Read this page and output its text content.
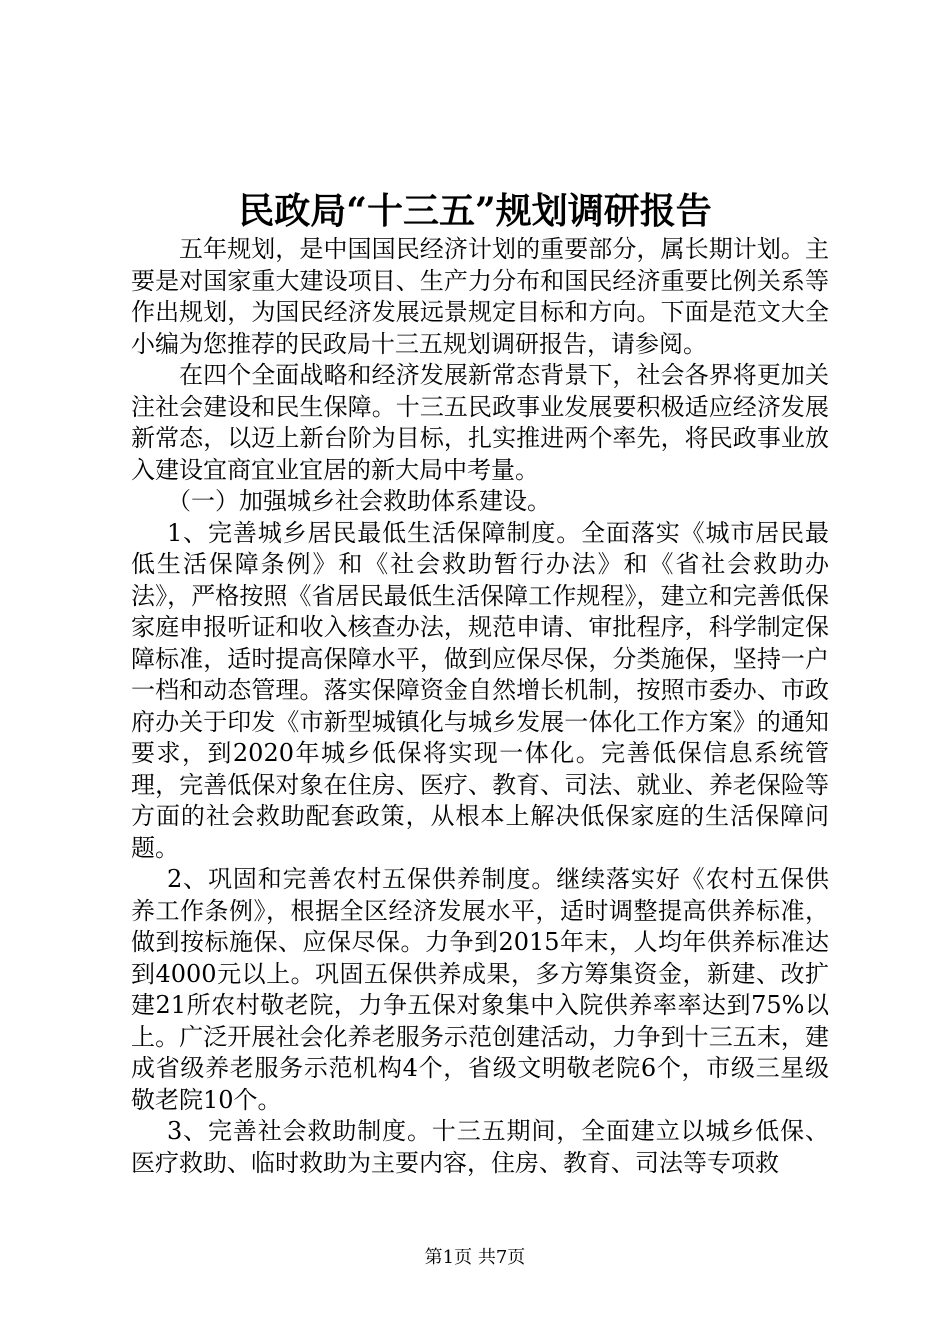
民政局“十三五”规划调研报告

五年规划，是中国国民经济计划的重要部分，属长期计划。主要是对国家重大建设项目、生产力分布和国民经济重要比例关系等作出规划，为国民经济发展远景规定目标和方向。下面是范文大全小编为您推荐的民政局十三五规划调研报告，请参阅。

在四个全面战略和经济发展新常态背景下，社会各界将更加关注社会建设和民生保障。十三五民政事业发展要积极适应经济发展新常态，以迈上新台阶为目标，扎实推进两个率先，将民政事业放入建设宜商宜业宜居的新大局中考量。

（一）加强城乡社会救助体系建设。

1、完善城乡居民最低生活保障制度。全面落实《城市居民最低生活保障条例》和《社会救助暂行办法》和《省社会救助办法》，严格按照《省居民最低生活保障工作规程》，建立和完善低保家庭申报听证和收入核查办法，规范申请、审批程序，科学制定保障标准，适时提高保障水平，做到应保尽保，分类施保，坚持一户一档和动态管理。落实保障资金自然增长机制，按照市委办、市政府办关于印发《市新型城镇化与城乡发展一体化工作方案》的通知要求，到2020年城乡低保将实现一体化。完善低保信息系统管理，完善低保对象在住房、医疗、教育、司法、就业、养老保险等方面的社会救助配套政策，从根本上解决低保家庭的生活保障问题。

2、巩固和完善农村五保供养制度。继续落实好《农村五保供养工作条例》，根据全区经济发展水平，适时调整提高供养标准，做到按标施保、应保尽保。力争到2015年末，人均年供养标准达到4000元以上。巩固五保供养成果，多方筹集资金，新建、改扩建21所农村敬老院，力争五保对象集中入院供养率率达到75%以上。广泛开展社会化养老服务示范创建活动，力争到十三五末，建成省级养老服务示范机构4个，省级文明敬老院6个，市级三星级敬老院10个。

3、完善社会救助制度。十三五期间，全面建立以城乡低保、医疗救助、临时救助为主要内容，住房、教育、司法等专项救

第1页 共7页
